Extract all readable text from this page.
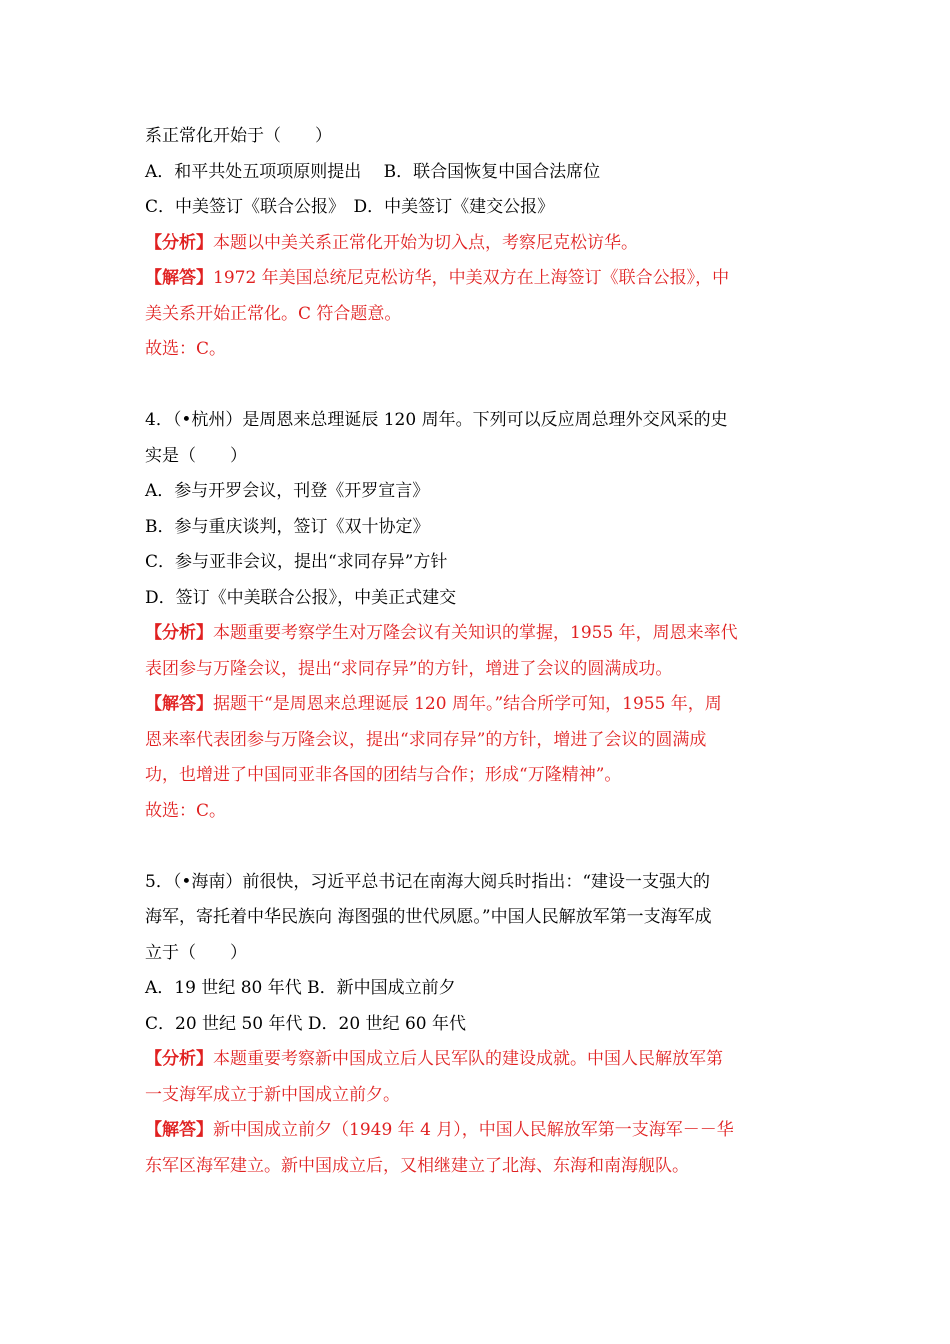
系正常化开始于（　　）
A．和平共处五项项原则提出　 B．联合国恢复中国合法席位
C．中美签订《联合公报》　D．中美签订《建交公报》
【分析】本题以中美关系正常化开始为切入点，考察尼克松访华。
【解答】1972 年美国总统尼克松访华，中美双方在上海签订《联合公报》，中
美关系开始正常化。C 符合题意。
故选：C。
4．（•杭州）是周恩来总理诞辰 120 周年。下列可以反应周总理外交风采的史
实是（　　）
A．参与开罗会议，刊登《开罗宣言》
B．参与重庆谈判，签订《双十协定》
C．参与亚非会议，提出“求同存异”方针
D．签订《中美联合公报》，中美正式建交
【分析】本题重要考察学生对万隆会议有关知识的掌握，1955 年，周恩来率代
表团参与万隆会议，提出“求同存异”的方针，增进了会议的圆满成功。
【解答】据题干“是周恩来总理诞辰 120 周年。”结合所学可知，1955 年，周
恩来率代表团参与万隆会议，提出“求同存异”的方针，增进了会议的圆满成
功，也增进了中国同亚非各国的团结与合作；形成“万隆精神”。
故选：C。
5．（•海南）前很快，习近平总书记在南海大阅兵时指出：“建设一支强大的
海军，寄托着中华民族向 海图强的世代夙愿。”中国人民解放军第一支海军成
立于（　　）
A．19 世纪 80 年代 B．新中国成立前夕
C．20 世纪 50 年代 D．20 世纪 60 年代
【分析】本题重要考察新中国成立后人民军队的建设成就。中国人民解放军第
一支海军成立于新中国成立前夕。
【解答】新中国成立前夕（1949 年 4 月），中国人民解放军第一支海军－－华
东军区海军建立。新中国成立后，又相继建立了北海、东海和南海舰队。
